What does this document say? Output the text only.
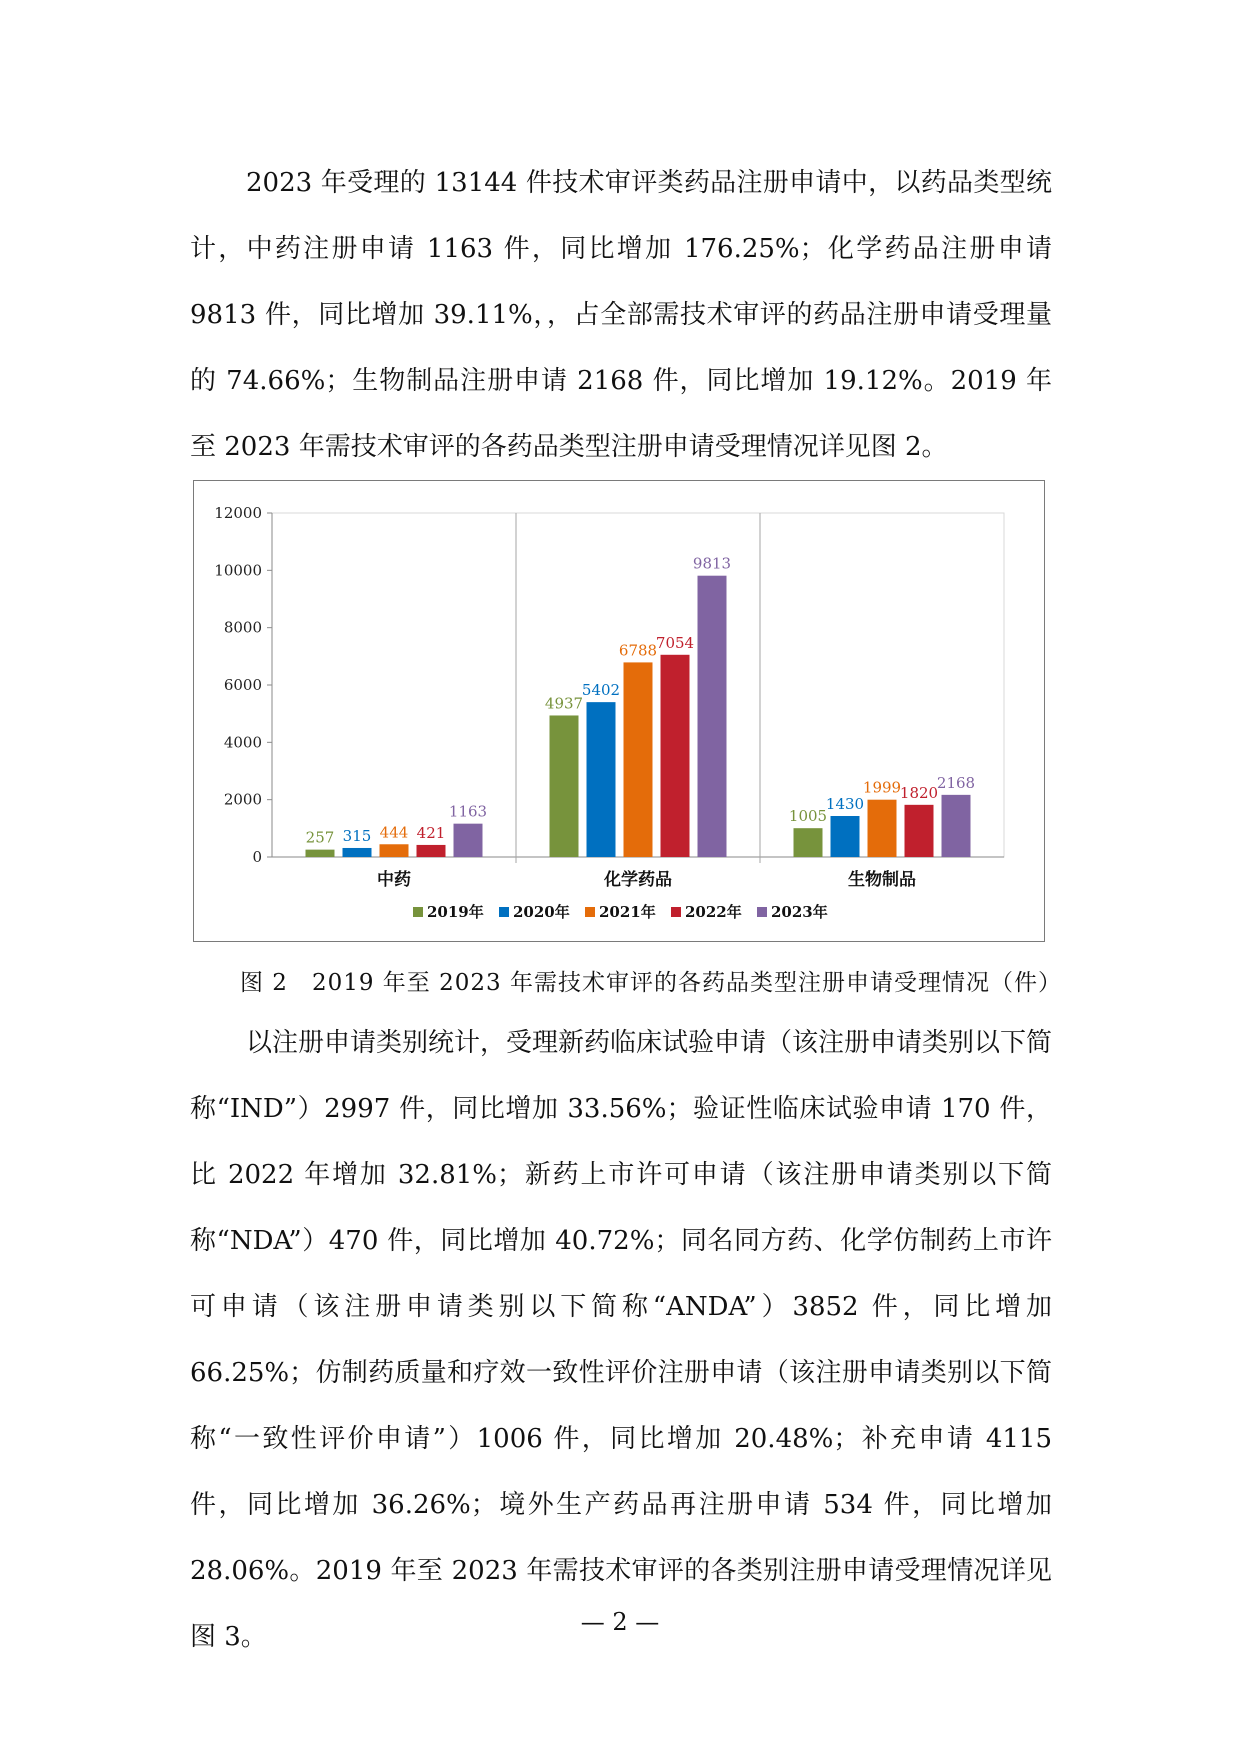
2023 年受理的 13144 件技术审评类药品注册申请中，以药品类型统计，中药注册申请 1163 件，同比增加 176.25%；化学药品注册申请 9813 件，同比增加 39.11%，，占全部需技术审评的药品注册申请受理量的 74.66%；生物制品注册申请 2168 件，同比增加 19.12%。2019 年至 2023 年需技术审评的各药品类型注册申请受理情况详见图 2。

0
2000
4000
6000
8000
10000
12000
257 315 444 421
1163
中药
4937
5402
6788
7054
9813
化学药品
1005
1430
1999
1820
2168
生物制品
2019年 2020年 2021年 2022年 2023年
图 2　2019 年至 2023 年需技术审评的各药品类型注册申请受理情况（件）

以注册申请类别统计，受理新药临床试验申请（该注册申请类别以下简称“IND”）2997 件，同比增加 33.56%；验证性临床试验申请 170 件，比 2022 年增加 32.81%；新药上市许可申请（该注册申请类别以下简称“NDA”）470 件，同比增加 40.72%；同名同方药、化学仿制药上市许可申请（该注册申请类别以下简称“ANDA”）3852 件，同比增加 66.25%；仿制药质量和疗效一致性评价注册申请（该注册申请类别以下简称“一致性评价申请”）1006 件，同比增加 20.48%；补充申请 4115 件，同比增加 36.26%；境外生产药品再注册申请 534 件，同比增加 28.06%。2019 年至 2023 年需技术审评的各类别注册申请受理情况详见图 3。	— 2 —
